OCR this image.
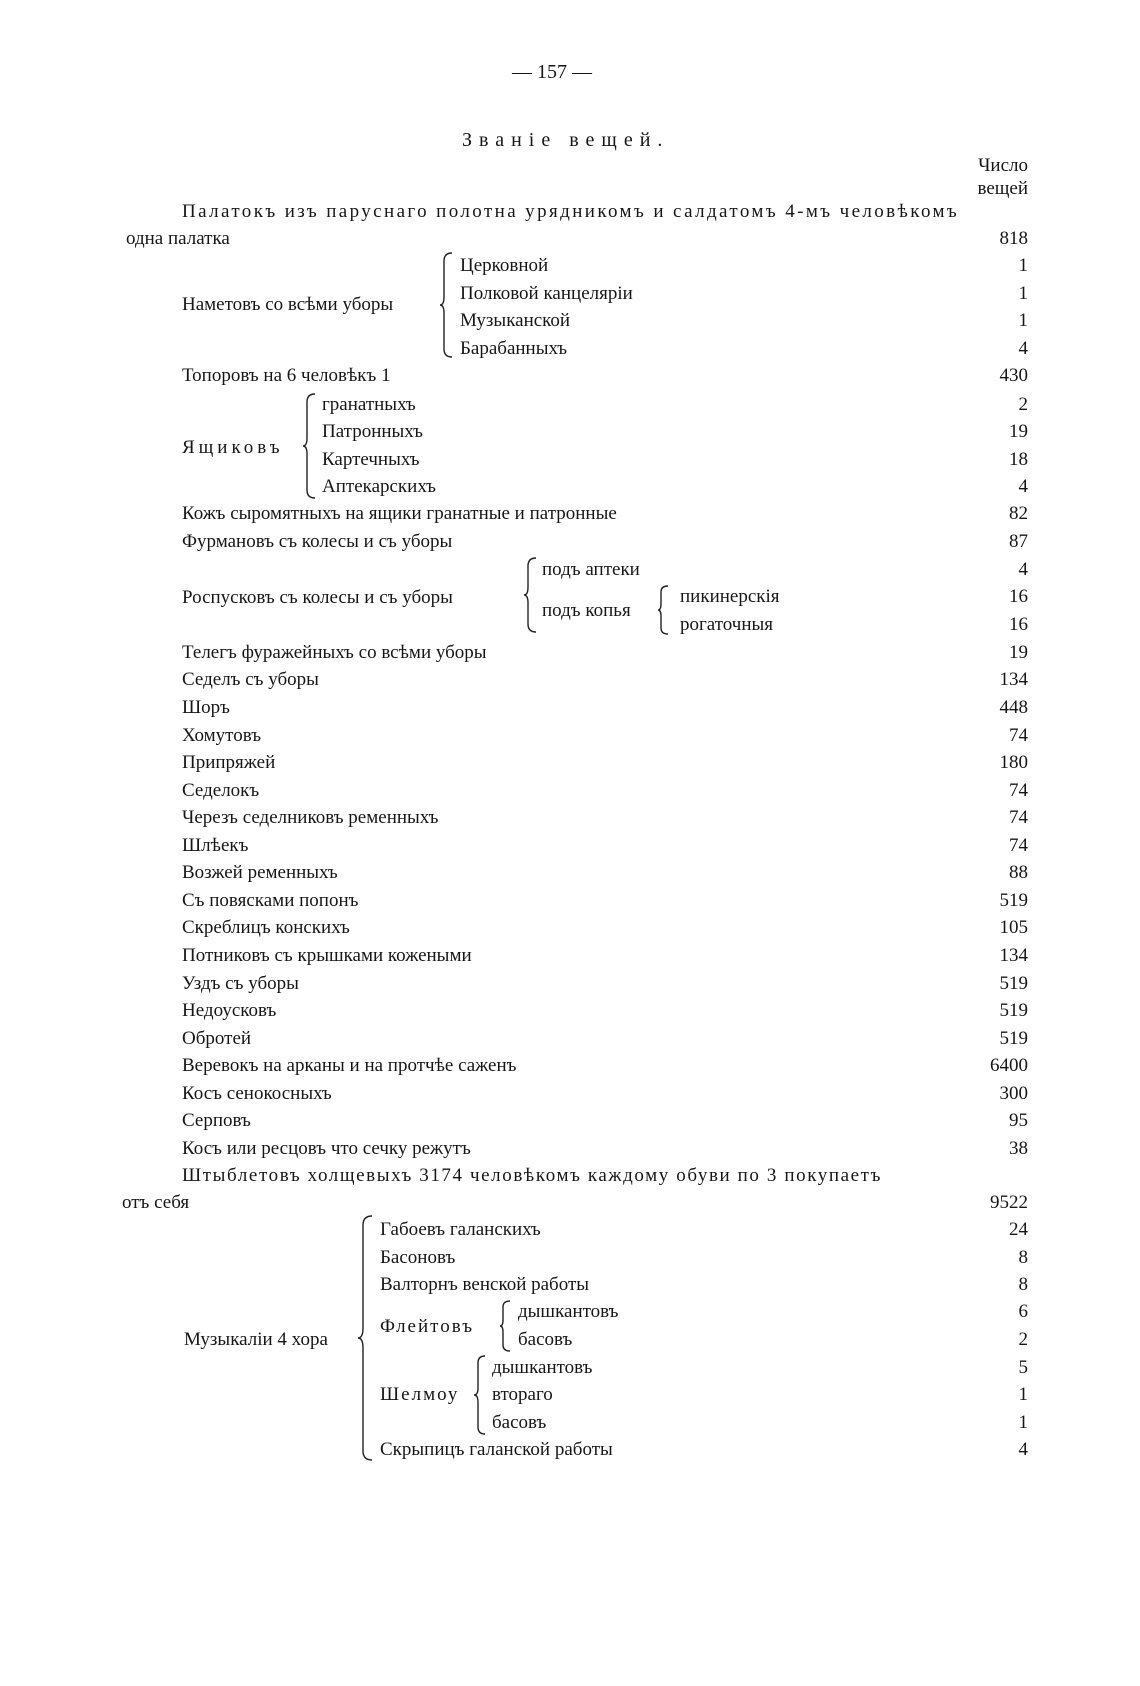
— 157 —
Званіе вещей.
Число
вещей
Палатокъ изъ паруснаго полотна урядникомъ и салдатомъ 4-мъ человѣкомъ
одна палатка	818
Наметовъ со всѣми уборы
Церковной	1
Полковой канцеляріи	1
Музыканской	1
Барабанныхъ	4
Топоровъ на 6 человѣкъ 1	430
Ящиковъ
гранатныхъ	2
Патронныхъ	19
Картечныхъ	18
Аптекарскихъ	4
Кожъ сыромятныхъ на ящики гранатные и патронные	82
Фурмановъ съ колесы и съ уборы	87
Роспусковъ съ колесы и съ уборы
подъ аптеки	4
подъ копья
пикинерскія	16
рогаточныя	16
Телегъ фуражейныхъ со всѣми уборы	19
Седелъ съ уборы	134
Шоръ	448
Хомутовъ	74
Припряжей	180
Седелокъ	74
Черезъ седелниковъ ременныхъ	74
Шлѣекъ	74
Возжей ременныхъ	88
Съ повясками попонъ	519
Скреблицъ конскихъ	105
Потниковъ съ крышками кожеными	134
Уздъ съ уборы	519
Недоусковъ	519
Обротей	519
Веревокъ на арканы и на протчѣе саженъ	6400
Косъ сенокосныхъ	300
Серповъ	95
Косъ или ресцовъ что сечку режутъ	38
Штыблетовъ холщевыхъ 3174 человѣкомъ каждому обуви по 3 покупаетъ
отъ себя	9522
Музыкаліи 4 хора
Габоевъ галанскихъ	24
Басоновъ	8
Валторнъ венской работы	8
Флейтовъ
дышкантовъ	6
басовъ	2
Шелмоу
дышкантовъ	5
втораго	1
басовъ	1
Скрыпицъ галанской работы	4
